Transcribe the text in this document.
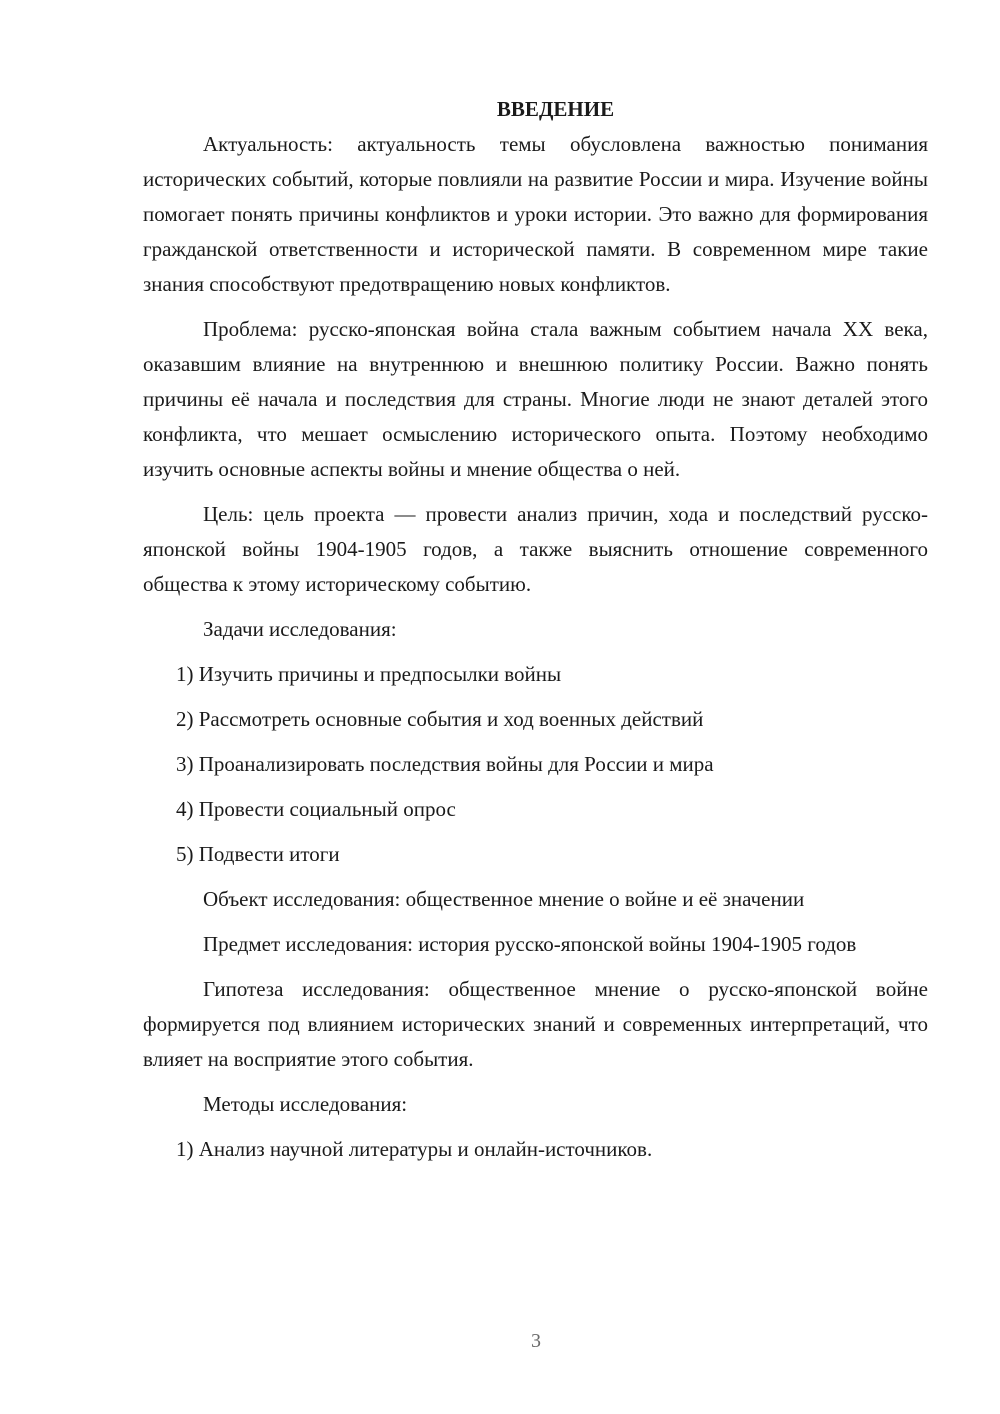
ВВЕДЕНИЕ

Актуальность: актуальность темы обусловлена важностью понимания исторических событий, которые повлияли на развитие России и мира. Изучение войны помогает понять причины конфликтов и уроки истории. Это важно для формирования гражданской ответственности и исторической памяти. В современном мире такие знания способствуют предотвращению новых конфликтов.

Проблема: русско-японская война стала важным событием начала XX века, оказавшим влияние на внутреннюю и внешнюю политику России. Важно понять причины её начала и последствия для страны. Многие люди не знают деталей этого конфликта, что мешает осмыслению исторического опыта. Поэтому необходимо изучить основные аспекты войны и мнение общества о ней.

Цель: цель проекта — провести анализ причин, хода и последствий русско-японской войны 1904-1905 годов, а также выяснить отношение современного общества к этому историческому событию.

Задачи исследования:

1) Изучить причины и предпосылки войны

2) Рассмотреть основные события и ход военных действий

3) Проанализировать последствия войны для России и мира

4) Провести социальный опрос

5) Подвести итоги

Объект исследования: общественное мнение о войне и её значении

Предмет исследования: история русско-японской войны 1904-1905 годов

Гипотеза исследования: общественное мнение о русско-японской войне формируется под влиянием исторических знаний и современных интерпретаций, что влияет на восприятие этого события.

Методы исследования:

1) Анализ научной литературы и онлайн-источников.

3
